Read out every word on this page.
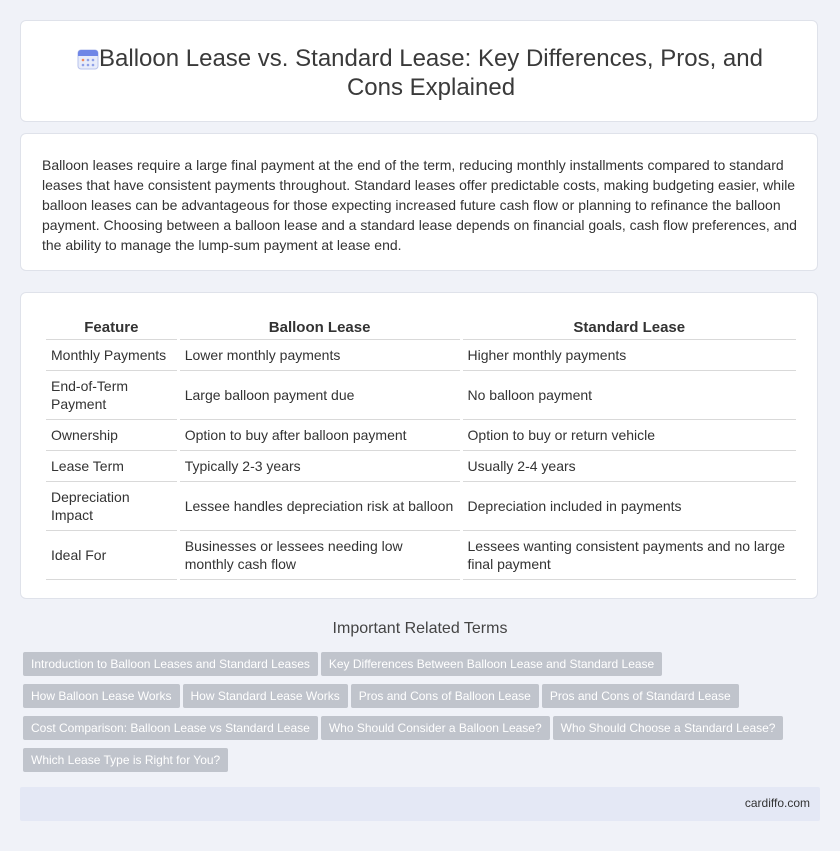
Balloon Lease vs. Standard Lease: Key Differences, Pros, and Cons Explained

Balloon leases require a large final payment at the end of the term, reducing monthly installments compared to standard leases that have consistent payments throughout. Standard leases offer predictable costs, making budgeting easier, while balloon leases can be advantageous for those expecting increased future cash flow or planning to refinance the balloon payment. Choosing between a balloon lease and a standard lease depends on financial goals, cash flow preferences, and the ability to manage the lump-sum payment at lease end.

Feature	Balloon Lease	Standard Lease
Monthly Payments	Lower monthly payments	Higher monthly payments
End-of-Term Payment	Large balloon payment due	No balloon payment
Ownership	Option to buy after balloon payment	Option to buy or return vehicle
Lease Term	Typically 2-3 years	Usually 2-4 years
Depreciation Impact	Lessee handles depreciation risk at balloon	Depreciation included in payments
Ideal For	Businesses or lessees needing low monthly cash flow	Lessees wanting consistent payments and no large final payment
Important Related Terms
Introduction to Balloon Leases and Standard Leases Key Differences Between Balloon Lease and Standard Lease
How Balloon Lease Works How Standard Lease Works Pros and Cons of Balloon Lease Pros and Cons of Standard Lease
Cost Comparison: Balloon Lease vs Standard Lease Who Should Consider a Balloon Lease? Who Should Choose a Standard Lease?
Which Lease Type is Right for You?
cardiffo.com
